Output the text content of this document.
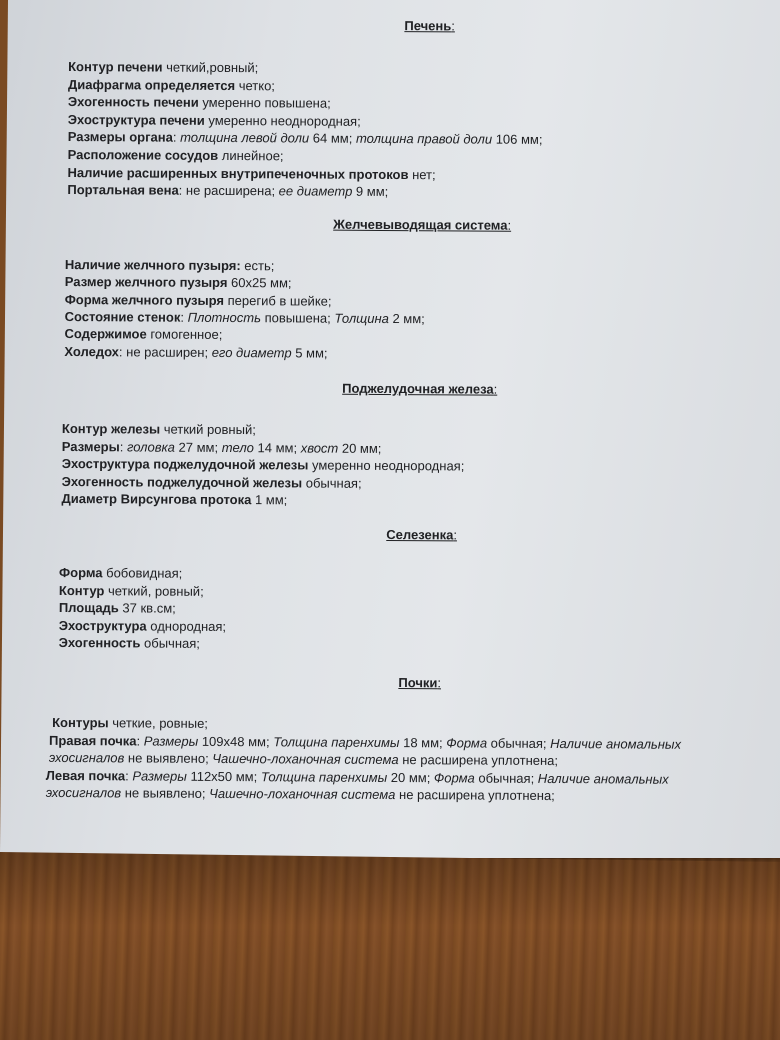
Печень:
Контур печени четкий,ровный;
Диафрагма определяется четко;
Эхогенность печени умеренно повышена;
Эхоструктура печени умеренно неоднородная;
Размеры органа: толщина левой доли 64 мм; толщина правой доли 106 мм;
Расположение сосудов линейное;
Наличие расширенных внутрипеченочных протоков нет;
Портальная вена: не расширена; ее диаметр 9 мм;
Желчевыводящая система:
Наличие желчного пузыря: есть;
Размер желчного пузыря 60x25 мм;
Форма желчного пузыря перегиб в шейке;
Состояние стенок: Плотность повышена; Толщина 2 мм;
Содержимое гомогенное;
Холедох: не расширен; его диаметр 5 мм;
Поджелудочная железа:
Контур железы четкий ровный;
Размеры: головка 27 мм; тело 14 мм; хвост 20 мм;
Эхоструктура поджелудочной железы умеренно неоднородная;
Эхогенность поджелудочной железы обычная;
Диаметр Вирсунгова протока 1 мм;
Селезенка:
Форма бобовидная;
Контур четкий, ровный;
Площадь 37 кв.см;
Эхоструктура однородная;
Эхогенность обычная;
Почки:
Контуры четкие, ровные;
Правая почка: Размеры 109x48 мм; Толщина паренхимы 18 мм; Форма обычная; Наличие аномальных
эхосигналов не выявлено; Чашечно-лоханочная система не расширена уплотнена;
Левая почка: Размеры 112x50 мм; Толщина паренхимы 20 мм; Форма обычная; Наличие аномальных
эхосигналов не выявлено; Чашечно-лоханочная система не расширена уплотнена;
